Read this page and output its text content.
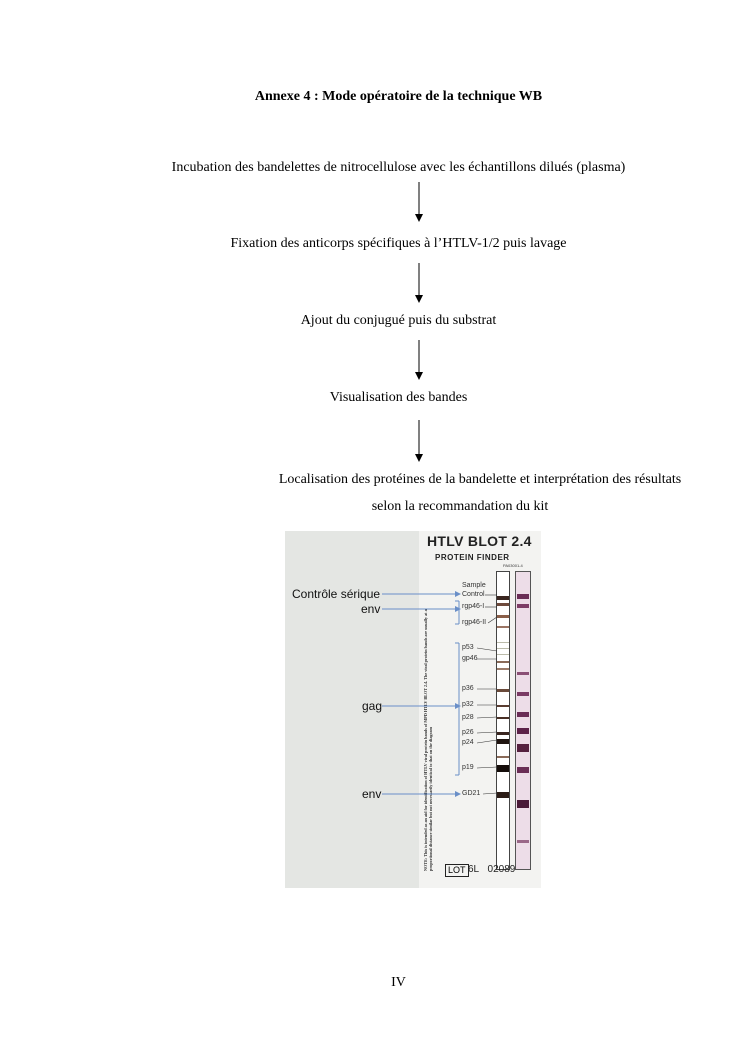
Annexe 4 : Mode opératoire de la technique WB
Incubation des bandelettes de nitrocellulose avec les échantillons dilués (plasma)
Fixation des anticorps spécifiques à l’HTLV-1/2 puis lavage
Ajout du conjugué puis du substrat
Visualisation des bandes
Localisation des protéines de la bandelette et interprétation des résultats
selon la recommandation du kit
HTLV BLOT 2.4
PROTEIN FINDER
PA03001-4
NOTE: This is intended as an aid for identification of HTLV viral protein bands of MPD HTLV BLOT 2.4. The viral protein bands are usually at a proportional distance similar but not necessarily identical to that on the diagram
Sample
Control
rgp46-I
rgp46-II
p53
gp46
p36
p32
p28
p26
p24
p19
GD21
Contrôle sérique
env
gag
env
LOT 6L 02089
IV
